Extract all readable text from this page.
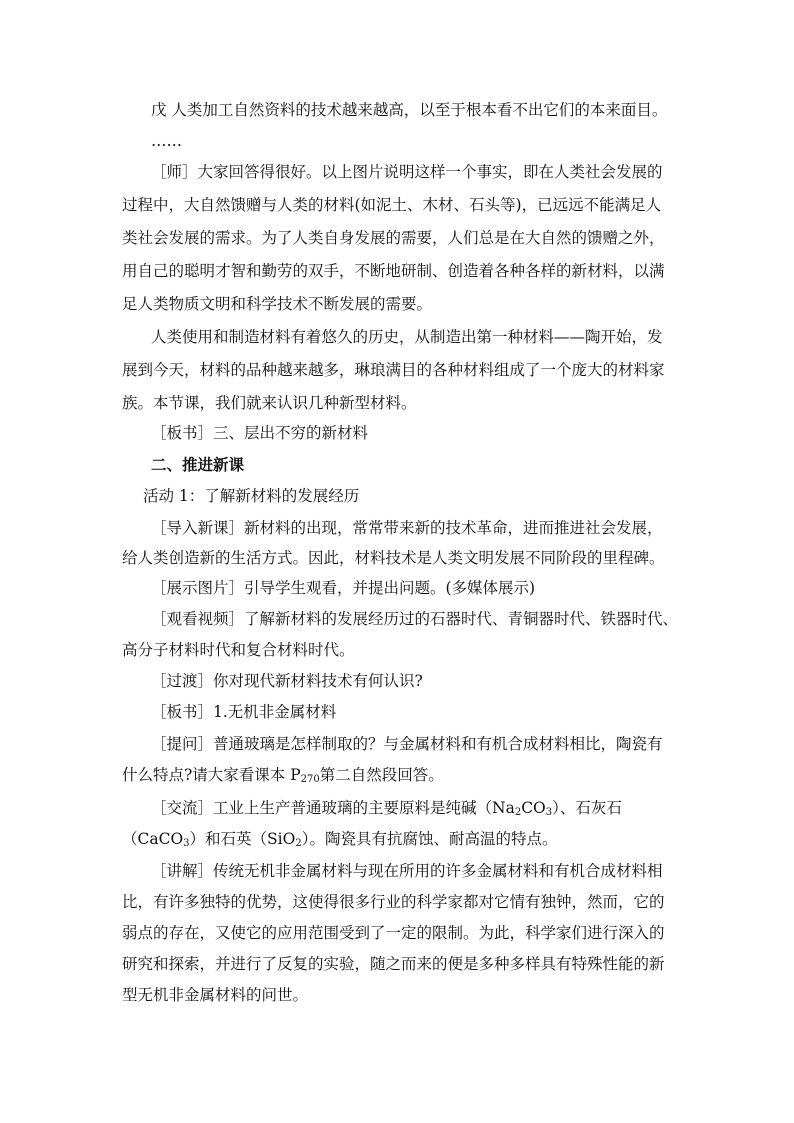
戊 人类加工自然资料的技术越来越高，以至于根本看不出它们的本来面目。
……
［师］大家回答得很好。以上图片说明这样一个事实，即在人类社会发展的
过程中，大自然馈赠与人类的材料(如泥土、木材、石头等)，已远远不能满足人
类社会发展的需求。为了人类自身发展的需要，人们总是在大自然的馈赠之外，
用自己的聪明才智和勤劳的双手，不断地研制、创造着各种各样的新材料，以满
足人类物质文明和科学技术不断发展的需要。
人类使用和制造材料有着悠久的历史，从制造出第一种材料——陶开始，发
展到今天，材料的品种越来越多，琳琅满目的各种材料组成了一个庞大的材料家
族。本节课，我们就来认识几种新型材料。
［板书］三、层出不穷的新材料
二、推进新课
活动 1：了解新材料的发展经历
［导入新课］新材料的出现，常常带来新的技术革命，进而推进社会发展，
给人类创造新的生活方式。因此，材料技术是人类文明发展不同阶段的里程碑。
［展示图片］引导学生观看，并提出问题。(多媒体展示)
［观看视频］了解新材料的发展经历过的石器时代、青铜器时代、铁器时代、
高分子材料时代和复合材料时代。
［过渡］你对现代新材料技术有何认识?
［板书］1.无机非金属材料
［提问］普通玻璃是怎样制取的？与金属材料和有机合成材料相比，陶瓷有
什么特点?请大家看课本 $P_{270}$第二自然段回答。
［交流］工业上生产普通玻璃的主要原料是纯碱$(Na_2CO_3)$、石灰石
（CaCO$_3$）和石英（SiO$_2$）。陶瓷具有抗腐蚀、耐高温的特点。
［讲解］传统无机非金属材料与现在所用的许多金属材料和有机合成材料相
比，有许多独特的优势，这使得很多行业的科学家都对它情有独钟，然而，它的
弱点的存在，又使它的应用范围受到了一定的限制。为此，科学家们进行深入的
研究和探索，并进行了反复的实验，随之而来的便是多种多样具有特殊性能的新
型无机非金属材料的问世。
